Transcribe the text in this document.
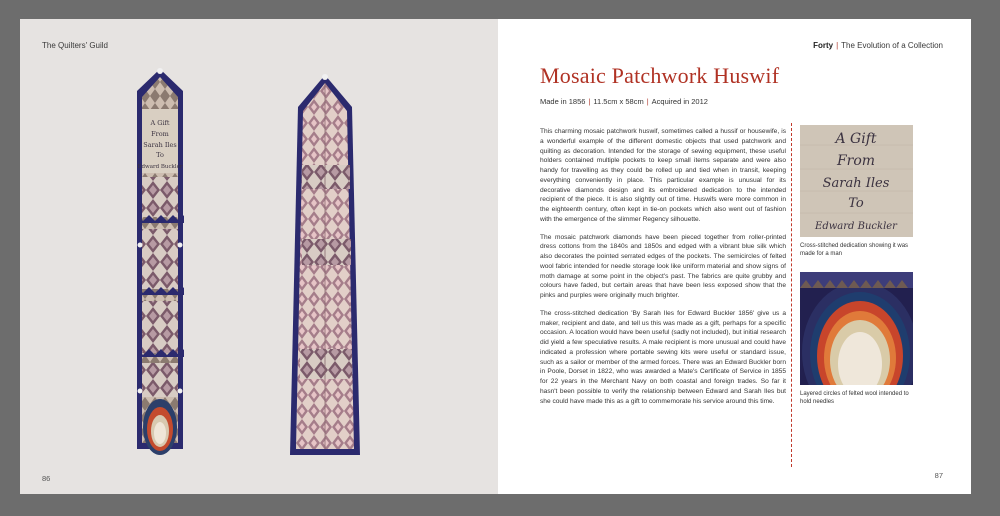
The Quilters' Guild
A Gift
From
Sarah Iles
To
Edward Buckler
86
Forty | The Evolution of a Collection
Mosaic Patchwork Huswif
Made in 1856 | 11.5cm x 58cm | Acquired in 2012

This charming mosaic patchwork huswif, sometimes called a hussif or housewife, is a wonderful example of the different domestic objects that used patchwork and quilting as decoration. Intended for the storage of sewing equipment, these useful holders contained multiple pockets to keep small items separate and were also handy for travelling as they could be rolled up and tied when in transit, keeping everything conveniently in place. This particular example is unusual for its decorative diamonds design and its embroidered dedication to the intended recipient of the piece. It is also slightly out of time. Huswifs were more common in the eighteenth century, often kept in tie-on pockets which also went out of fashion with the emergence of the slimmer Regency silhouette.

The mosaic patchwork diamonds have been pieced together from roller-printed dress cottons from the 1840s and 1850s and edged with a vibrant blue silk which also decorates the pointed serrated edges of the pockets. The semicircles of felted wool fabric intended for needle storage look like uniform material and show signs of moth damage at some point in the object's past. The fabrics are quite grubby and colours have faded, but certain areas that have been less exposed show that the pinks and purples were originally much brighter.

The cross-stitched dedication 'By Sarah Iles for Edward Buckler 1856' give us a maker, recipient and date, and tell us this was made as a gift, perhaps for a specific occasion. A location would have been useful (sadly not included), but initial research did yield a few speculative results. A male recipient is more unusual and could have indicated a profession where portable sewing kits were useful or standard issue, such as a sailor or member of the armed forces. There was an Edward Buckler born in Poole, Dorset in 1822, who was awarded a Mate's Certificate of Service in 1855 for 22 years in the Merchant Navy on both coastal and foreign trades. So far it hasn't been possible to verify the relationship between Edward and Sarah Iles but she could have made this as a gift to commemorate his service around this time.

A Gift
From
Sarah Iles
To
Edward Buckler
Cross-stitched dedication showing it was made for a man
Layered circles of felted wool intended to hold needles
87
